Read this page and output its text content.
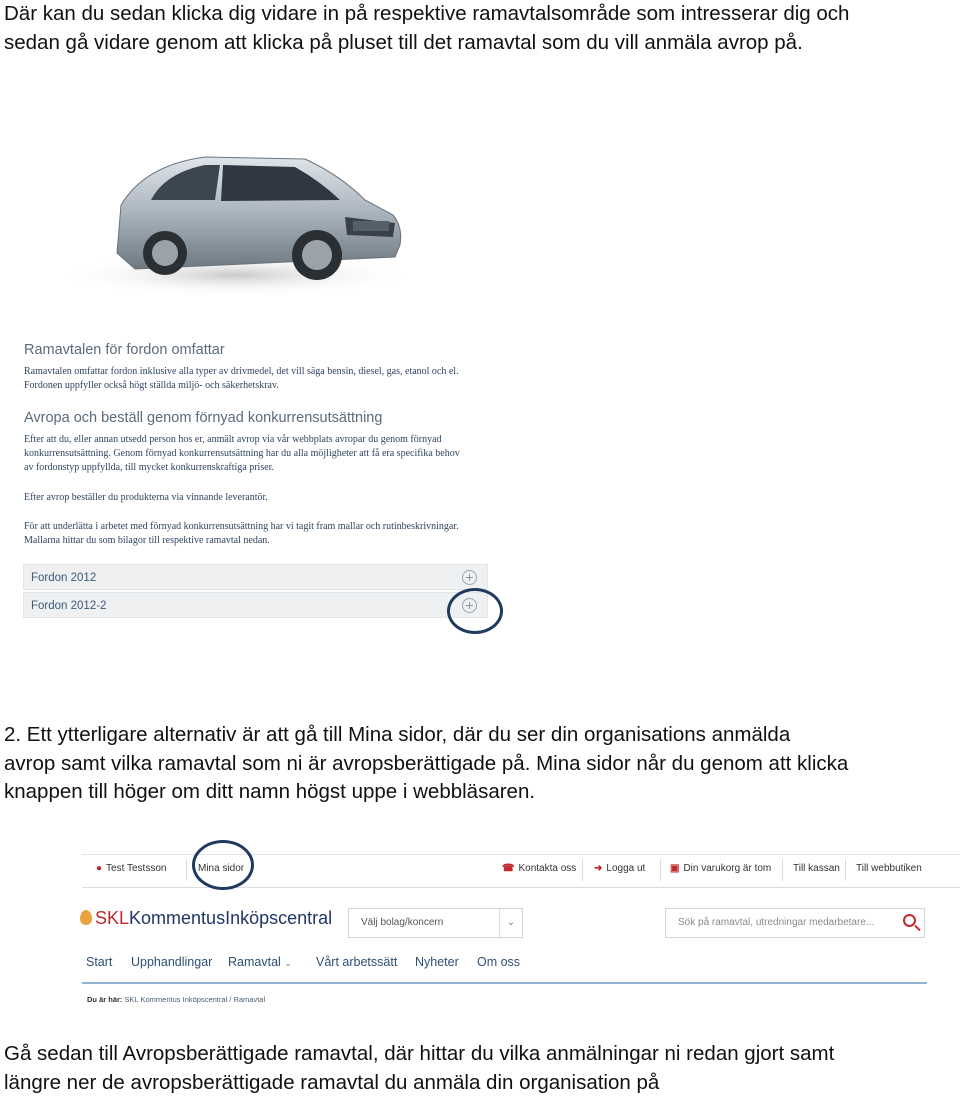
Där kan du sedan klicka dig vidare in på respektive ramavtalsområde som intresserar dig och
sedan gå vidare genom att klicka på pluset till det ramavtal som du vill anmäla avrop på.
Ramavtalen för fordon omfattar
Ramavtalen omfattar fordon inklusive alla typer av drivmedel, det vill säga bensin, diesel, gas, etanol och el.
Fordonen uppfyller också högt ställda miljö- och säkerhetskrav.
Avropa och beställ genom förnyad konkurrensutsättning
Efter att du, eller annan utsedd person hos er, anmält avrop via vår webbplats avropar du genom förnyad
konkurrensutsättning. Genom förnyad konkurrensutsättning har du alla möjligheter att få era specifika behov
av fordonstyp uppfyllda, till mycket konkurrenskraftiga priser.
Efter avrop beställer du produkterna via vinnande leverantör.
För att underlätta i arbetet med förnyad konkurrensutsättning har vi tagit fram mallar och rutinbeskrivningar.
Mallarna hittar du som bilagor till respektive ramavtal nedan.
Fordon 2012
Fordon 2012-2
2. Ett ytterligare alternativ är att gå till Mina sidor, där du ser din organisations anmälda
avrop samt vilka ramavtal som ni är avropsberättigade på. Mina sidor når du genom att klicka
knappen till höger om ditt namn högst uppe i webbläsaren.
● Test Testsson	Mina sidor	☎ Kontakta oss ➜ Logga ut ▣ Din varukorg är tom Till kassan Till webbutiken
SKLKommentusInköpscentral	Välj bolag/koncern	⌄	Sök på ramavtal, utredningar medarbetare...
Start Upphandlingar Ramavtal ⌄ Vårt arbetssätt Nyheter Om oss
Du är här: SKL Kommentus Inköpscentral / Ramavtal
Gå sedan till Avropsberättigade ramavtal, där hittar du vilka anmälningar ni redan gjort samt
längre ner de avropsberättigade ramavtal du anmäla din organisation på
